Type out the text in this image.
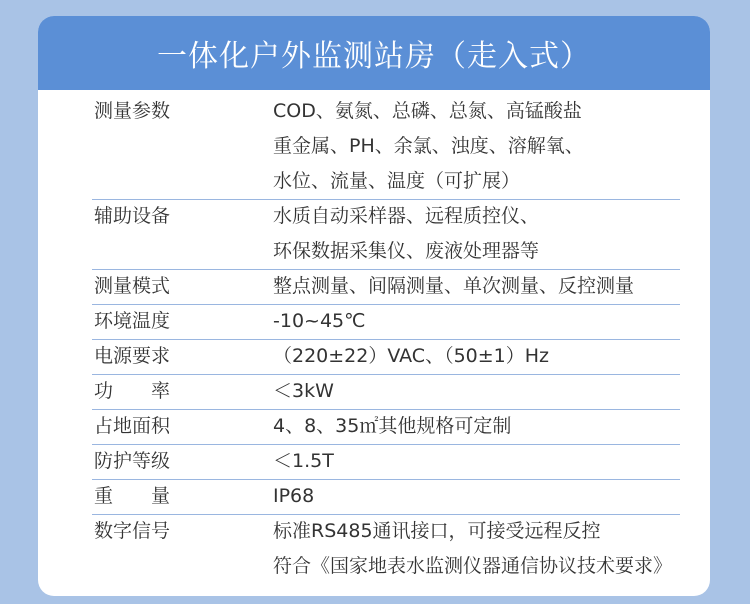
一体化户外监测站房（走入式）
测量参数	COD、氨氮、总磷、总氮、高锰酸盐
重金属、PH、余氯、浊度、溶解氧、
水位、流量、温度（可扩展）
辅助设备	水质自动采样器、远程质控仪、
环保数据采集仪、废液处理器等
测量模式	整点测量、间隔测量、单次测量、反控测量
环境温度	-10~45℃
电源要求	（220±22）VAC、（50±1）Hz
功　　率	＜3kW
占地面积	4、8、35㎡其他规格可定制
防护等级	＜1.5T
重　　量	IP68
数字信号	标准RS485通讯接口，可接受远程反控
符合《国家地表水监测仪器通信协议技术要求》
